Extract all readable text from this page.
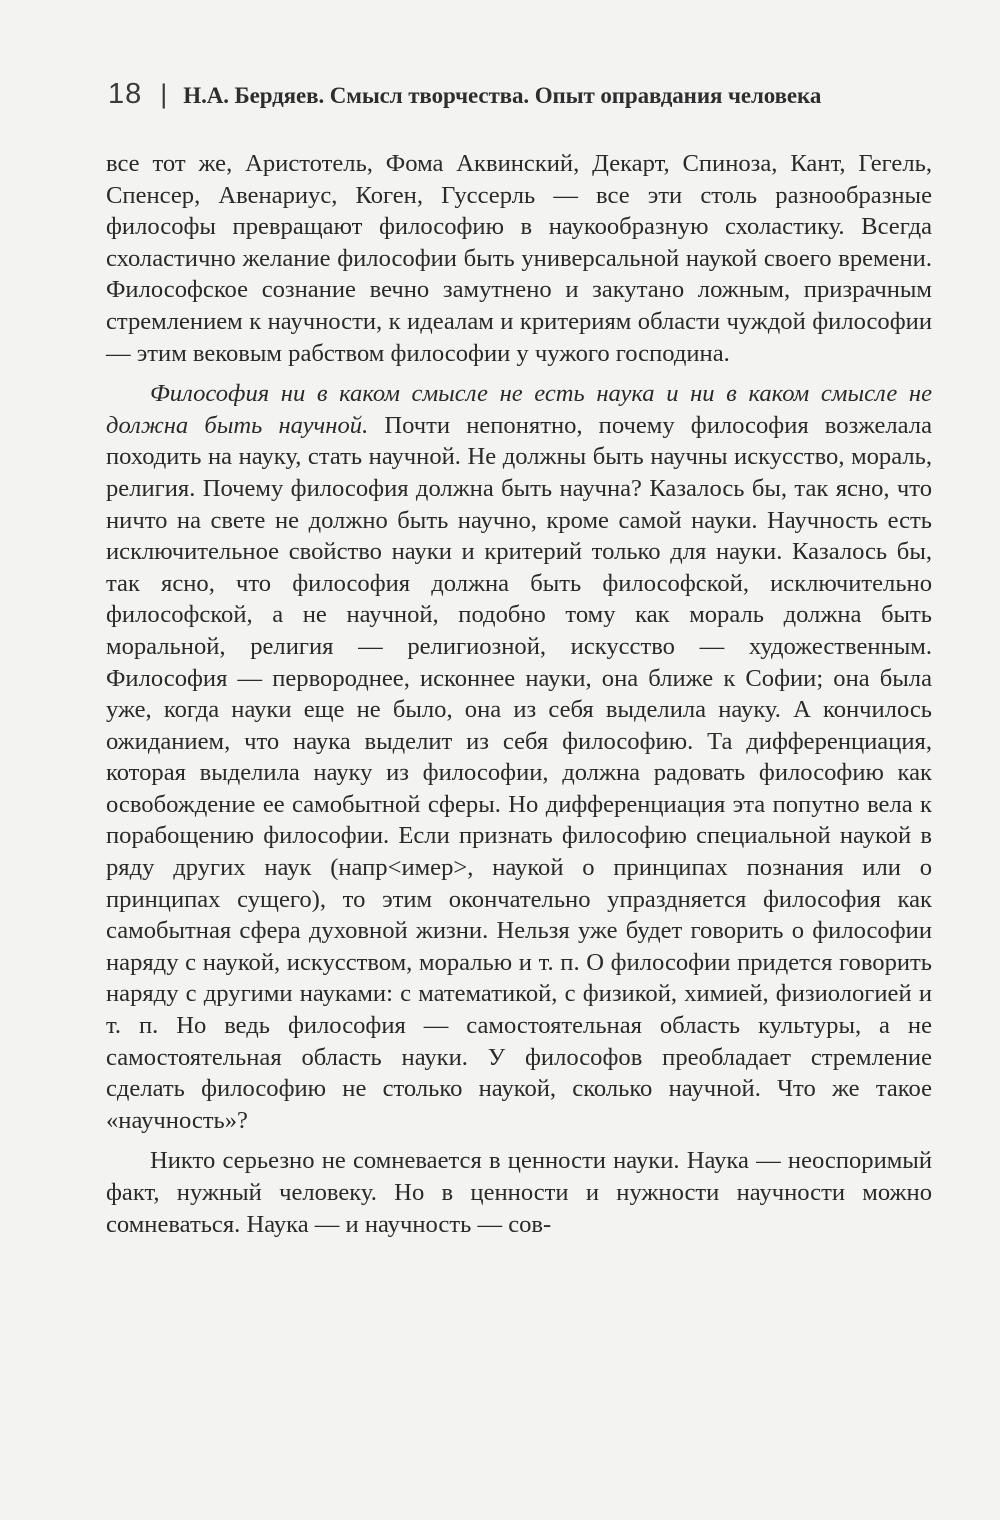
18 | Н.А. Бердяев. Смысл творчества. Опыт оправдания человека

все тот же, Аристотель, Фома Аквинский, Декарт, Спиноза, Кант, Гегель, Спенсер, Авенариус, Коген, Гуссерль — все эти столь разнообразные философы превращают философию в наукообразную схоластику. Всегда схоластично желание философии быть универсальной наукой своего времени. Философское сознание вечно замутнено и закутано ложным, призрачным стремлением к научности, к идеалам и критериям области чуждой философии — этим вековым рабством философии у чужого господина.

Философия ни в каком смысле не есть наука и ни в каком смысле не должна быть научной. Почти непонятно, почему философия возжелала походить на науку, стать научной. Не должны быть научны искусство, мораль, религия. Почему философия должна быть научна? Казалось бы, так ясно, что ничто на свете не должно быть научно, кроме самой науки. Научность есть исключительное свойство науки и критерий только для науки. Казалось бы, так ясно, что философия должна быть философской, исключительно философской, а не научной, подобно тому как мораль должна быть моральной, религия — религиозной, искусство — художественным. Философия — первороднее, исконнее науки, она ближе к Софии; она была уже, когда науки еще не было, она из себя выделила науку. А кончилось ожиданием, что наука выделит из себя философию. Та дифференциация, которая выделила науку из философии, должна радовать философию как освобождение ее самобытной сферы. Но дифференциация эта попутно вела к порабощению философии. Если признать философию специальной наукой в ряду других наук (напр<имер>, наукой о принципах познания или о принципах сущего), то этим окончательно упраздняется философия как самобытная сфера духовной жизни. Нельзя уже будет говорить о философии наряду с наукой, искусством, моралью и т. п. О философии придется говорить наряду с другими науками: с математикой, с физикой, химией, физиологией и т. п. Но ведь философия — самостоятельная область культуры, а не самостоятельная область науки. У философов преобладает стремление сделать философию не столько наукой, сколько научной. Что же такое «научность»?

Никто серьезно не сомневается в ценности науки. Наука — неоспоримый факт, нужный человеку. Но в ценности и нужности научности можно сомневаться. Наука — и научность — сов-
